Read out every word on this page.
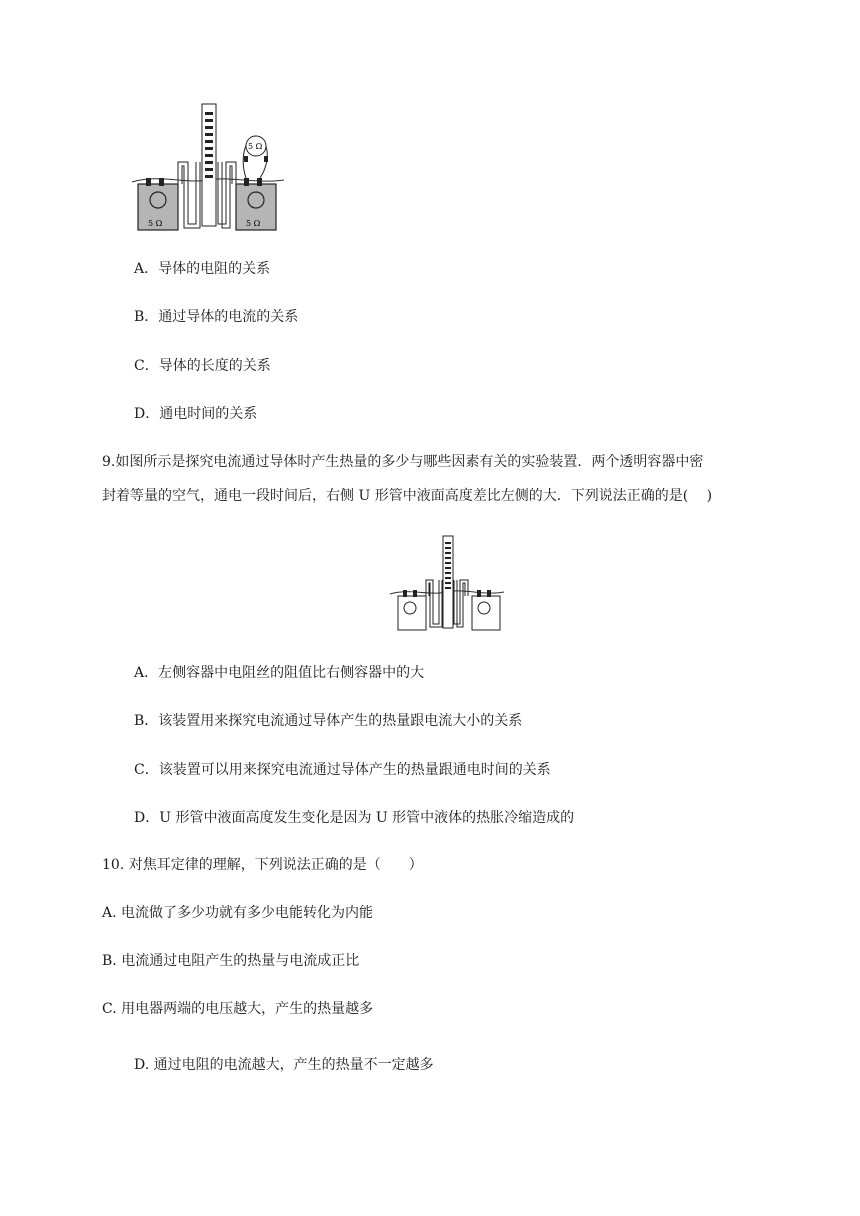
5 Ω
5 Ω	5 Ω
A．导体的电阻的关系
B．通过导体的电流的关系
C．导体的长度的关系
D．通电时间的关系
9.如图所示是探究电流通过导体时产生热量的多少与哪些因素有关的实验装置．两个透明容器中密
封着等量的空气，通电一段时间后，右侧 U 形管中液面高度差比左侧的大．下列说法正确的是(　 )
A．左侧容器中电阻丝的阻值比右侧容器中的大
B．该装置用来探究电流通过导体产生的热量跟电流大小的关系
C．该装置可以用来探究电流通过导体产生的热量跟通电时间的关系
D．U 形管中液面高度发生变化是因为 U 形管中液体的热胀冷缩造成的
10. 对焦耳定律的理解，下列说法正确的是（　　）
A. 电流做了多少功就有多少电能转化为内能
B. 电流通过电阻产生的热量与电流成正比
C. 用电器两端的电压越大，产生的热量越多
D. 通过电阻的电流越大，产生的热量不一定越多
